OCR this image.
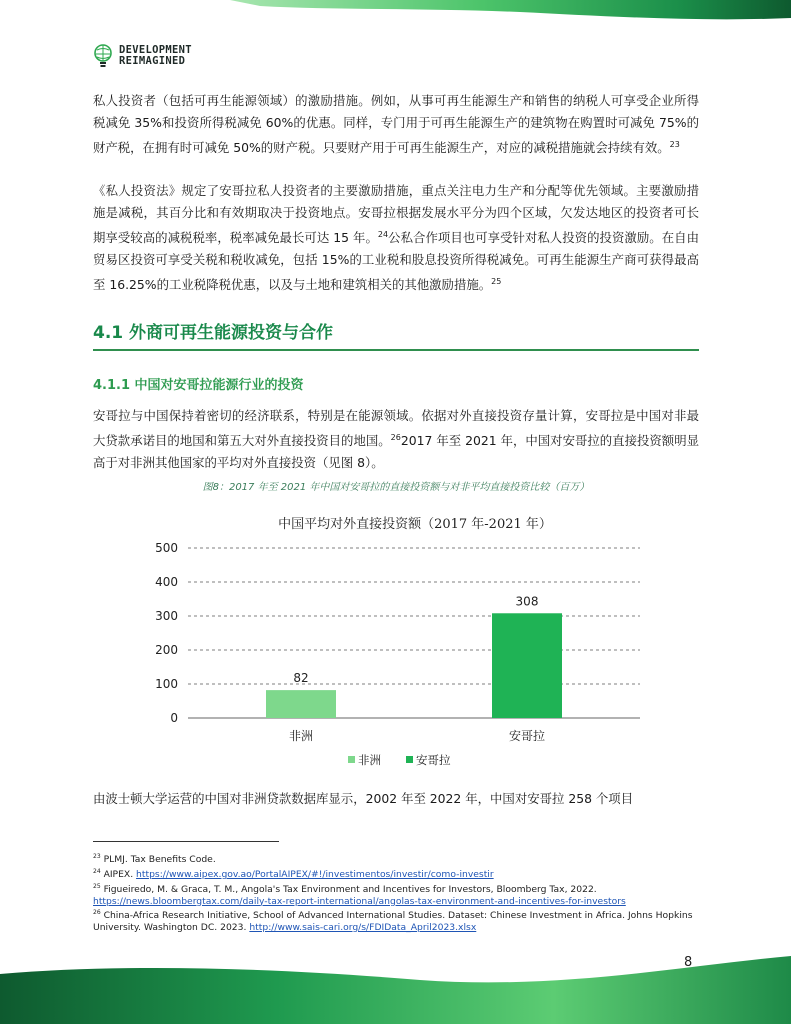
DEVELOPMENT
REIMAGINED
私人投资者（包括可再生能源领域）的激励措施。例如，从事可再生能源生产和销售的纳税人可享受企业所得税减免 35%和投资所得税减免 60%的优惠。同样，专门用于可再生能源生产的建筑物在购置时可减免 75%的财产税，在拥有时可减免 50%的财产税。只要财产用于可再生能源生产，对应的减税措施就会持续有效。$^{23}$
《私人投资法》规定了安哥拉私人投资者的主要激励措施，重点关注电力生产和分配等优先领域。主要激励措施是减税，其百分比和有效期取决于投资地点。安哥拉根据发展水平分为四个区域，欠发达地区的投资者可长期享受较高的减税税率，税率减免最长可达 15 年。$^{24}$公私合作项目也可享受针对私人投资的投资激励。在自由贸易区投资可享受关税和税收减免，包括 15%的工业税和股息投资所得税减免。可再生能源生产商可获得最高至 16.25%的工业税降税优惠，以及与土地和建筑相关的其他激励措施。$^{25}$
4.1 外商可再生能源投资与合作
4.1.1 中国对安哥拉能源行业的投资
安哥拉与中国保持着密切的经济联系，特别是在能源领域。依据对外直接投资存量计算，安哥拉是中国对非最大贷款承诺目的地国和第五大对外直接投资目的地国。$^{26}$2017 年至 2021 年，中国对安哥拉的直接投资额明显高于对非洲其他国家的平均对外直接投资（见图 8）。
图8：2017 年至 2021 年中国对安哥拉的直接投资额与对非平均直接投资比较（百万）
中国平均对外直接投资额（2017 年-2021 年）
0
100
200
300
400
500
82
308
非洲	安哥拉
非洲	安哥拉
由波士顿大学运营的中国对非洲贷款数据库显示，2002 年至 2022 年，中国对安哥拉 258 个项目
$^{23}$ PLMJ. Tax Benefits Code.
$^{24}$ AIPEX. https://www.aipex.gov.ao/PortalAIPEX/#!/investimentos/investir/como-investir
$^{25}$ Figueiredo, M. & Graca, T. M., Angola's Tax Environment and Incentives for Investors, Bloomberg Tax, 2022.
https://news.bloombergtax.com/daily-tax-report-international/angolas-tax-environment-and-incentives-for-investors
$^{26}$ China-Africa Research Initiative, School of Advanced International Studies. Dataset: Chinese Investment in Africa. Johns Hopkins University. Washington DC. 2023. http://www.sais-cari.org/s/FDIData_April2023.xlsx
8
